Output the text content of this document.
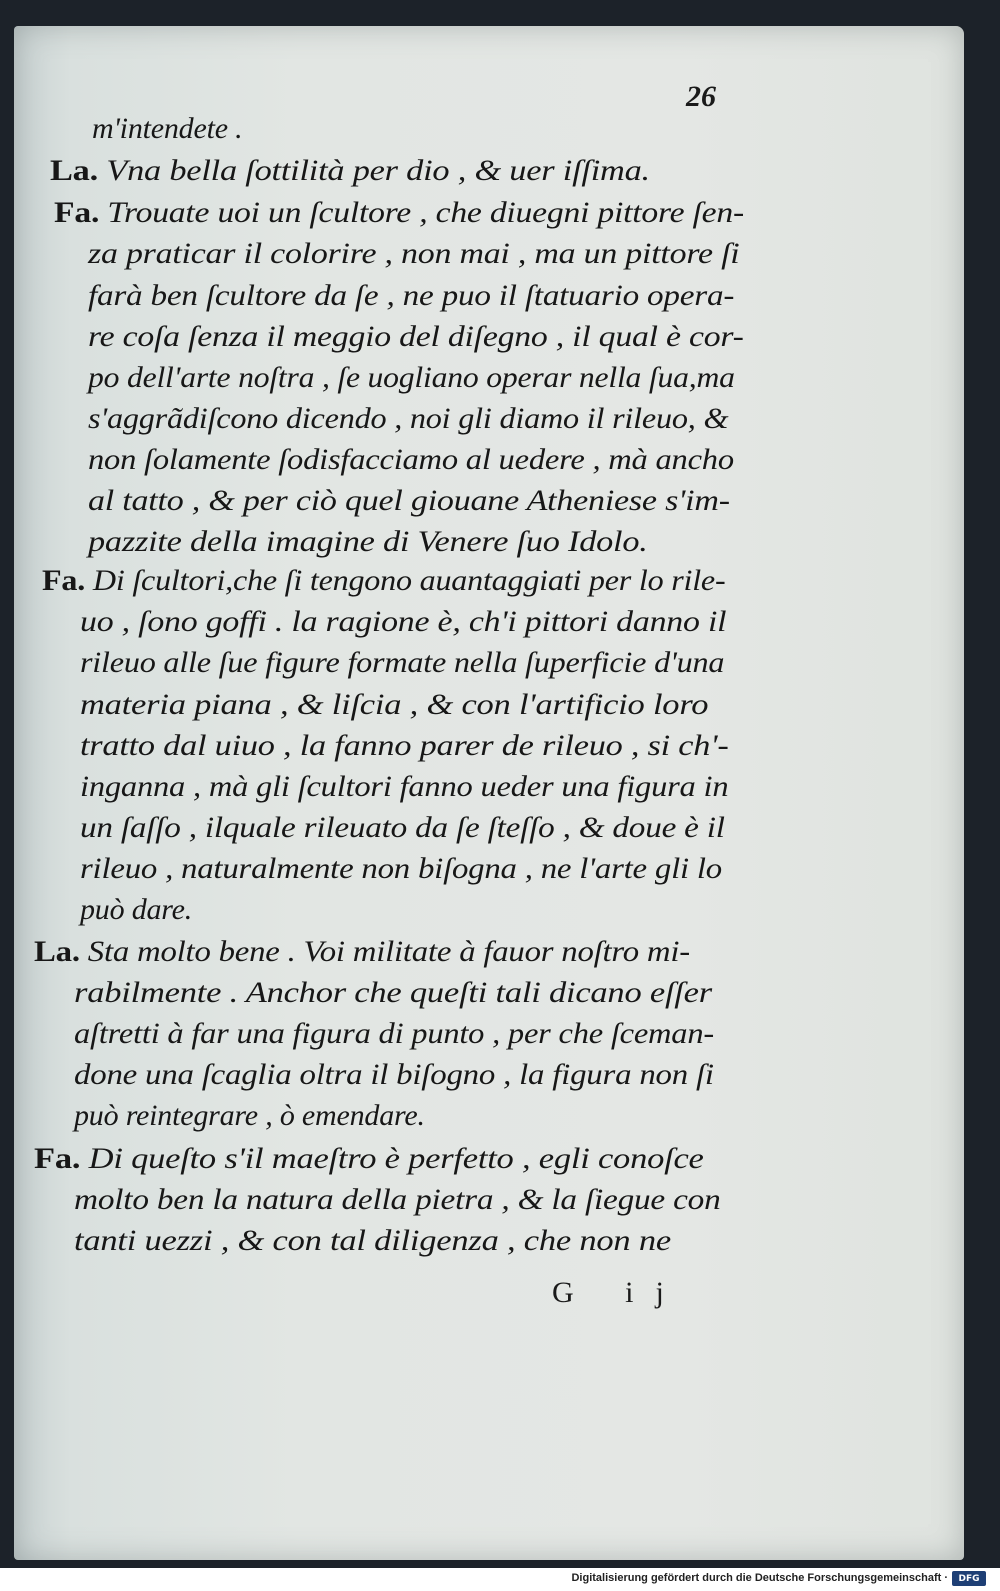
26
m'intendete .
La. Vna bella ſottilità per dio , & uer iſſima.
Fa. Trouate uoi un ſcultore , che diuegni pittore ſen-
za praticar il colorire , non mai , ma un pittore ſi
farà ben ſcultore da ſe , ne puo il ſtatuario opera-
re coſa ſenza il meggio del diſegno , il qual è cor-
po dell'arte noſtra , ſe uogliano operar nella ſua,ma
s'aggrãdiſcono dicendo , noi gli diamo il rileuo, &
non ſolamente ſodisfacciamo al uedere , mà ancho
al tatto , & per ciò quel giouane Atheniese s'im-
pazzite della imagine di Venere ſuo Idolo.
Fa. Di ſcultori,che ſi tengono auantaggiati per lo rile-
uo , ſono goffi . la ragione è, ch'i pittori danno il
rileuo alle ſue figure formate nella ſuperficie d'una
materia piana , & liſcia , & con l'artificio loro
tratto dal uiuo , la fanno parer de rileuo , si ch'-
inganna , mà gli ſcultori fanno ueder una figura in
un ſaſſo , ilquale rileuato da ſe ſteſſo , & doue è il
rileuo , naturalmente non biſogna , ne l'arte gli lo
può dare.
La. Sta molto bene . Voi militate à fauor noſtro mi-
rabilmente . Anchor che queſti tali dicano eſſer
aſtretti à far una figura di punto , per che ſceman-
done una ſcaglia oltra il biſogno , la figura non ſi
può reintegrare , ò emendare.
Fa. Di queſto s'il maeſtro è perfetto , egli conoſce
molto ben la natura della pietra , & la ſiegue con
tanti uezzi , & con tal diligenza , che non ne
G ij
Digitalisierung gefördert durch die Deutsche Forschungsgemeinschaft ·	DFG
